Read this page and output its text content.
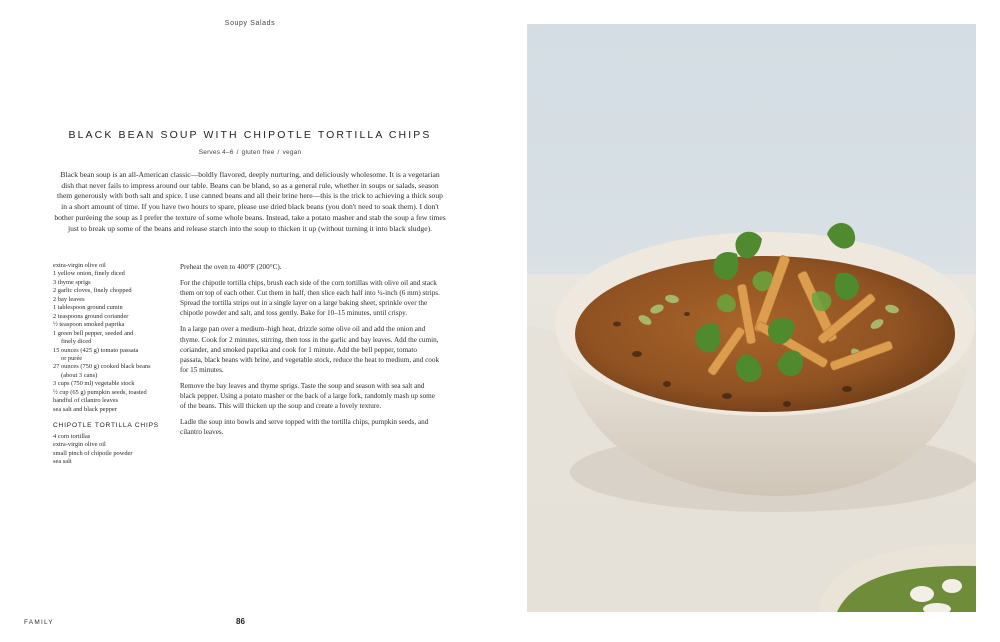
Soupy Salads
BLACK BEAN SOUP WITH CHIPOTLE TORTILLA CHIPS
Serves 4–6 / gluten free / vegan

Black bean soup is an all-American classic—boldly flavored, deeply nurturing, and deliciously wholesome. It is a vegetarian dish that never fails to impress around our table. Beans can be bland, so as a general rule, whether in soups or salads, season them generously with both salt and spice. I use canned beans and all their brine here—this is the trick to achieving a thick soup in a short amount of time. If you have two hours to spare, please use dried black beans (you don't need to soak them). I don't bother puréeing the soup as I prefer the texture of some whole beans. Instead, take a potato masher and stab the soup a few times just to break up some of the beans and release starch into the soup to thicken it up (without turning it into black sludge).

extra-virgin olive oil
1 yellow onion, finely diced
3 thyme sprigs
2 garlic cloves, finely chopped
2 bay leaves
1 tablespoon ground cumin
2 teaspoons ground coriander
½ teaspoon smoked paprika
1 green bell pepper, seeded and
finely diced
15 ounces (425 g) tomato passata
or purée
27 ounces (750 g) cooked black beans
(about 3 cans)
3 cups (750 ml) vegetable stock
½ cup (65 g) pumpkin seeds, toasted
handful of cilantro leaves
sea salt and black pepper
CHIPOTLE TORTILLA CHIPS
4 corn tortillas
extra-virgin olive oil
small pinch of chipotle powder
sea salt

Preheat the oven to 400°F (200°C).

For the chipotle tortilla chips, brush each side of the corn tortillas with olive oil and stack them on top of each other. Cut them in half, then slice each half into ¼-inch (6 mm) strips. Spread the tortilla strips out in a single layer on a large baking sheet, sprinkle over the chipotle powder and salt, and toss gently. Bake for 10–15 minutes, until crispy.

In a large pan over a medium–high heat, drizzle some olive oil and add the onion and thyme. Cook for 2 minutes, stirring, then toss in the garlic and bay leaves. Add the cumin, coriander, and smoked paprika and cook for 1 minute. Add the bell pepper, tomato passata, black beans with brine, and vegetable stock, reduce the heat to medium, and cook for 15 minutes.

Remove the bay leaves and thyme sprigs. Taste the soup and season with sea salt and black pepper. Using a potato masher or the back of a large fork, randomly mash up some of the beans. This will thicken up the soup and create a lovely texture.

Ladle the soup into bowls and serve topped with the tortilla chips, pumpkin seeds, and cilantro leaves.

FAMILY	86
